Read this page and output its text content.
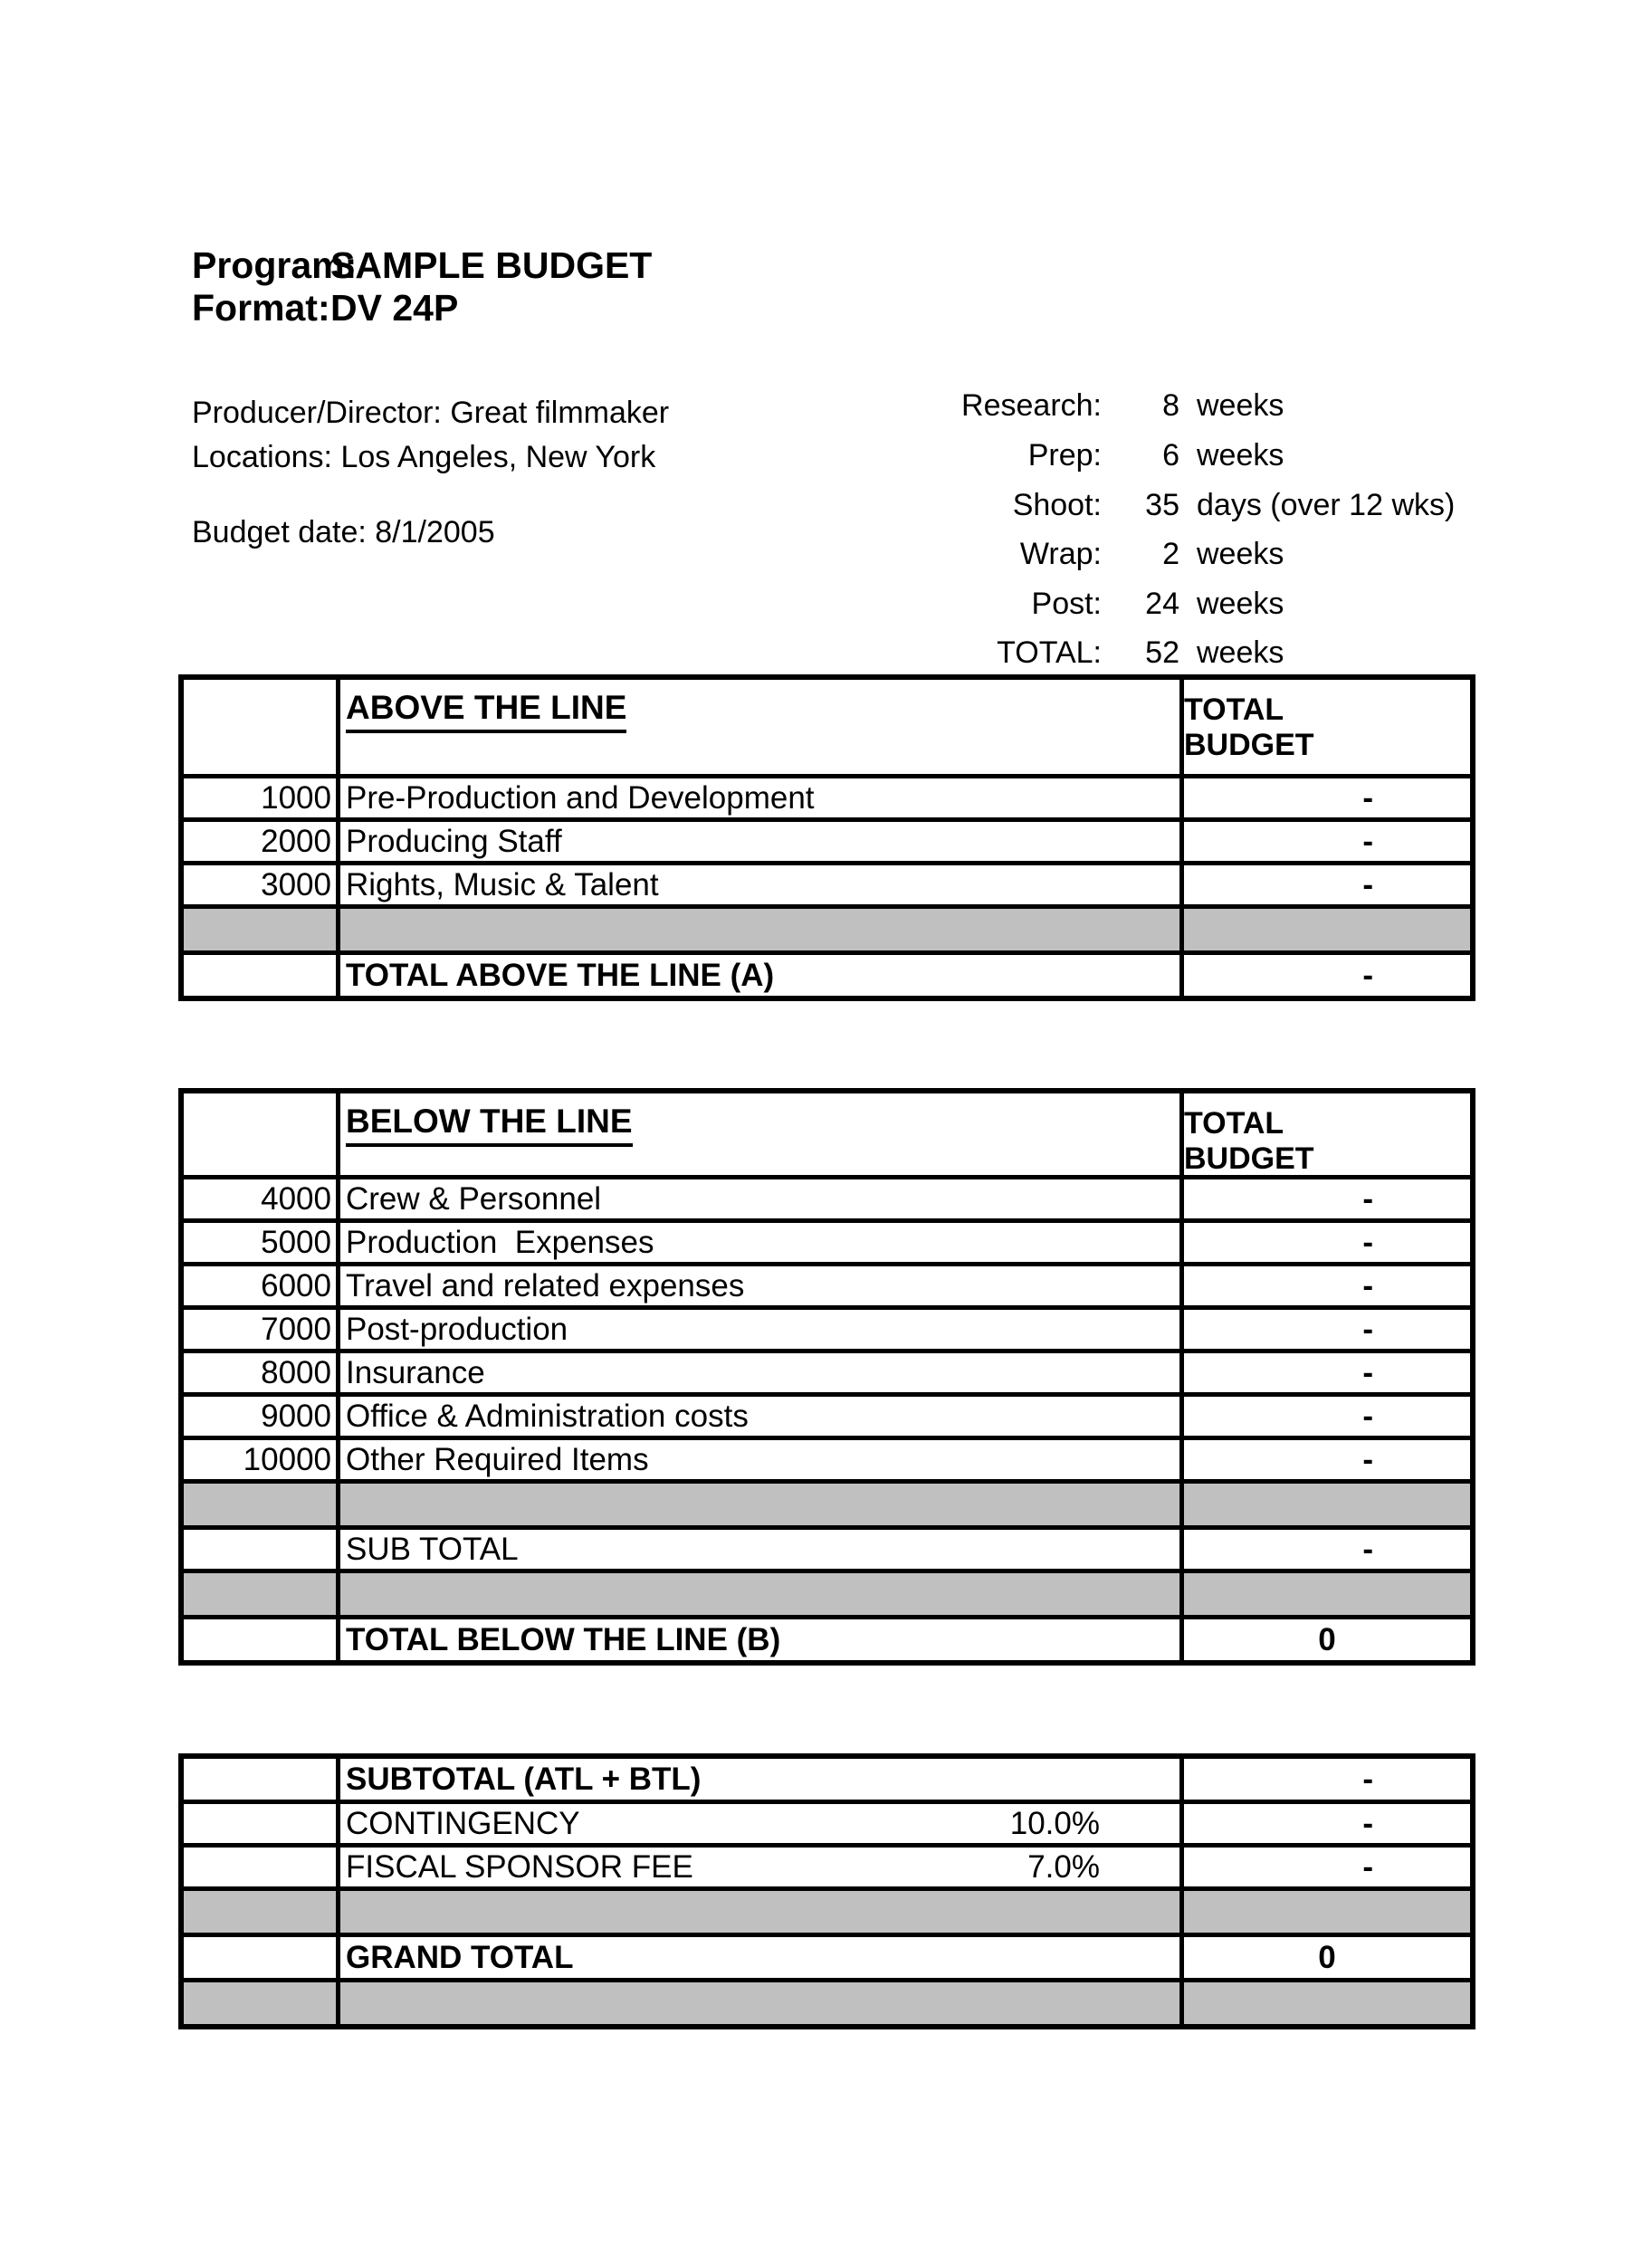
Program:
SAMPLE BUDGET
Format: DV 24P
Producer/Director: Great filmmaker
Locations: Los Angeles, New York
Budget date: 8/1/2005
Research: 8 weeks
Prep: 6 weeks
Shoot: 35 days (over 12 wks)
Wrap: 2 weeks
Post: 24 weeks
TOTAL: 52 weeks
ABOVE THE LINE	TOTAL BUDGET
1000 Pre-Production and Development	-
2000 Producing Staff	-
3000 Rights, Music & Talent	-
TOTAL ABOVE THE LINE (A)	-
BELOW THE LINE	TOTAL BUDGET
4000 Crew & Personnel	-
5000 Production  Expenses	-
6000 Travel and related expenses	-
7000 Post-production	-
8000 Insurance	-
9000 Office & Administration costs	-
10000 Other Required Items	-
SUB TOTAL	-
TOTAL BELOW THE LINE (B)	0
SUBTOTAL (ATL + BTL)	-
CONTINGENCY	10.0%	-
FISCAL SPONSOR FEE	7.0%	-
GRAND TOTAL	0
